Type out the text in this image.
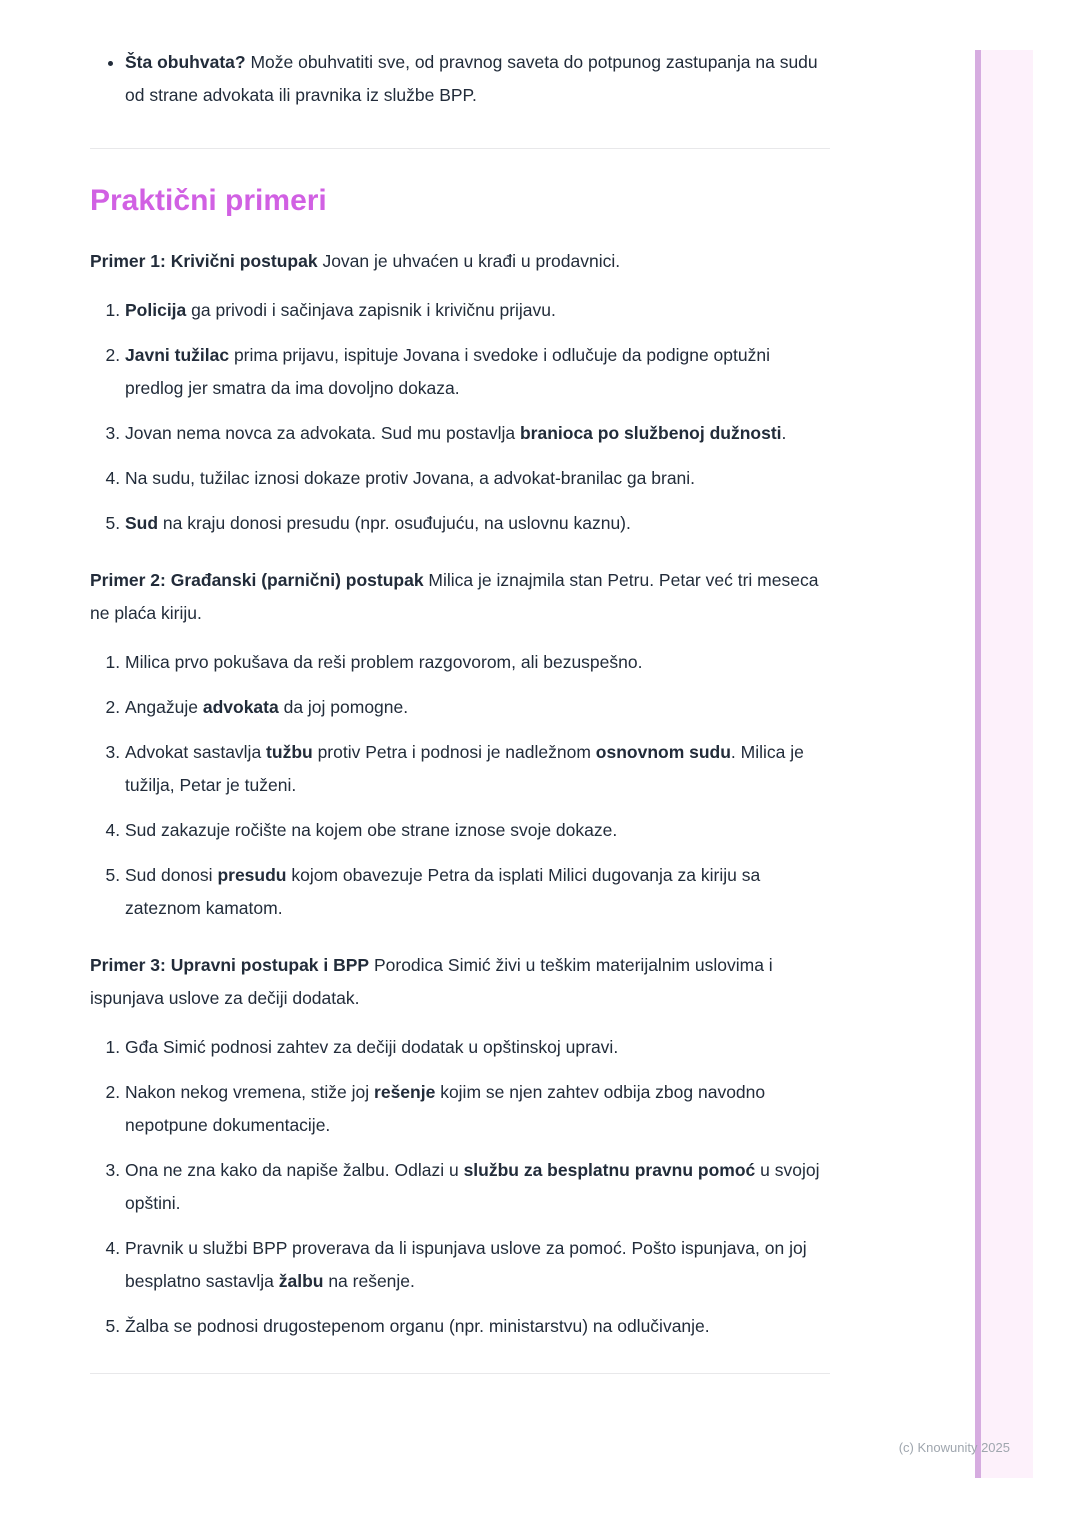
• Šta obuhvata? Može obuhvatiti sve, od pravnog saveta do potpunog zastupanja na sudu od strane advokata ili pravnika iz službe BPP.
Praktični primeri

Primer 1: Krivični postupak Jovan je uhvaćen u krađi u prodavnici.

1. Policija ga privodi i sačinjava zapisnik i krivičnu prijavu.
2. Javni tužilac prima prijavu, ispituje Jovana i svedoke i odlučuje da podigne optužni predlog jer smatra da ima dovoljno dokaza.
3. Jovan nema novca za advokata. Sud mu postavlja branioca po službenoj dužnosti.
4. Na sudu, tužilac iznosi dokaze protiv Jovana, a advokat-branilac ga brani.
5. Sud na kraju donosi presudu (npr. osuđujuću, na uslovnu kaznu).

Primer 2: Građanski (parnični) postupak Milica je iznajmila stan Petru. Petar već tri meseca ne plaća kiriju.

1. Milica prvo pokušava da reši problem razgovorom, ali bezuspešno.
2. Angažuje advokata da joj pomogne.
3. Advokat sastavlja tužbu protiv Petra i podnosi je nadležnom osnovnom sudu. Milica je tužilja, Petar je tuženi.
4. Sud zakazuje ročište na kojem obe strane iznose svoje dokaze.
5. Sud donosi presudu kojom obavezuje Petra da isplati Milici dugovanja za kiriju sa zateznom kamatom.

Primer 3: Upravni postupak i BPP Porodica Simić živi u teškim materijalnim uslovima i ispunjava uslove za dečiji dodatak.

1. Gđa Simić podnosi zahtev za dečiji dodatak u opštinskoj upravi.
2. Nakon nekog vremena, stiže joj rešenje kojim se njen zahtev odbija zbog navodno nepotpune dokumentacije.
3. Ona ne zna kako da napiše žalbu. Odlazi u službu za besplatnu pravnu pomoć u svojoj opštini.
4. Pravnik u službi BPP proverava da li ispunjava uslove za pomoć. Pošto ispunjava, on joj besplatno sastavlja žalbu na rešenje.
5. Žalba se podnosi drugostepenom organu (npr. ministarstvu) na odlučivanje.
(c) Knowunity 2025
